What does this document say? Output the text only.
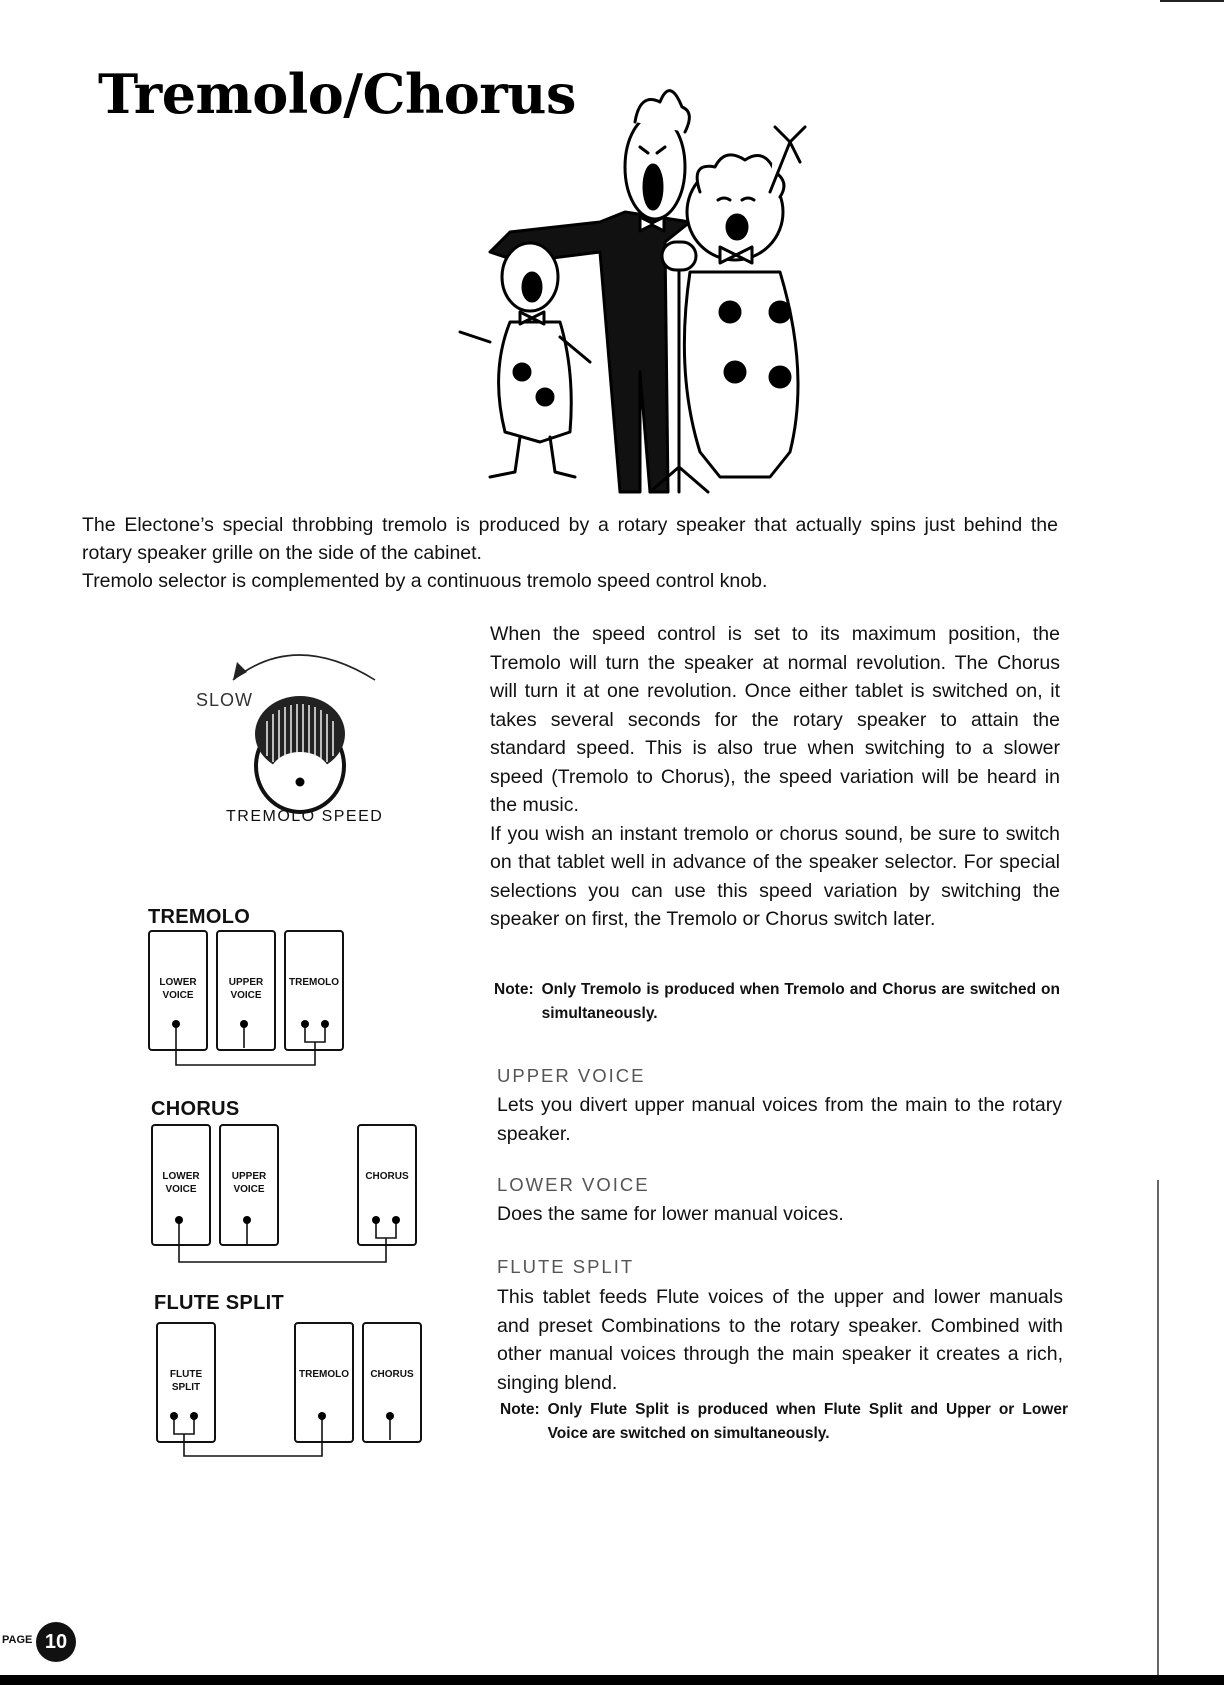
Tremolo/Chorus

The Electone’s special throbbing tremolo is produced by a rotary speaker that actually spins just behind the rotary speaker grille on the side of the cabinet.

Tremolo selector is complemented by a continuous tremolo speed control knob.

SLOW
TREMOLO SPEED
TREMOLO
LOWER
VOICE
UPPER
VOICE
TREMOLO
CHORUS
LOWER
VOICE
UPPER
VOICE
CHORUS
FLUTE SPLIT
FLUTE
SPLIT
TREMOLO	CHORUS

When the speed control is set to its maximum position, the Tremolo will turn the speaker at normal revolution. The Chorus will turn it at one revolution. Once either tablet is switched on, it takes several seconds for the rotary speaker to attain the standard speed. This is also true when switching to a slower speed (Tremolo to Chorus), the speed variation will be heard in the music.

If you wish an instant tremolo or chorus sound, be sure to switch on that tablet well in advance of the speaker selector. For special selections you can use this speed variation by switching the speaker on first, the Tremolo or Chorus switch later.

Note: Only Tremolo is produced when Tremolo and Chorus are switched on simultaneously.
UPPER VOICE
Lets you divert upper manual voices from the main to the rotary speaker.
LOWER VOICE
Does the same for lower manual voices.
FLUTE SPLIT
This tablet feeds Flute voices of the upper and lower manuals and preset Combinations to the rotary speaker. Combined with other manual voices through the main speaker it creates a rich, singing blend.
Note: Only Flute Split is produced when Flute Split and Upper or Lower Voice are switched on simultaneously.
PAGE 10
